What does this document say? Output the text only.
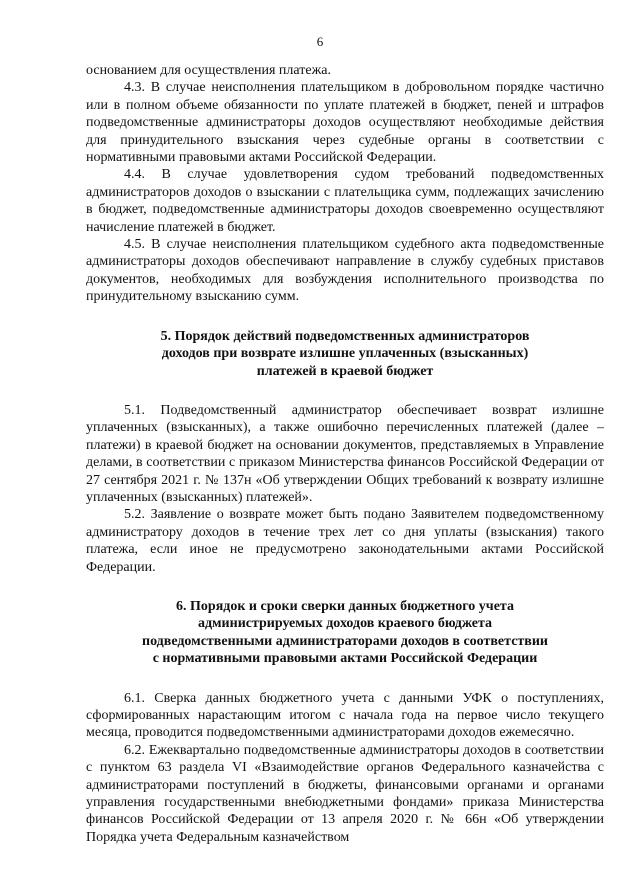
6

основанием для осуществления платежа.

4.3. В случае неисполнения плательщиком в добровольном порядке частично или в полном объеме обязанности по уплате платежей в бюджет, пеней и штрафов подведомственные администраторы доходов осуществляют необходимые действия для принудительного взыскания через судебные органы в соответствии с нормативными правовыми актами Российской Федерации.

4.4. В случае удовлетворения судом требований подведомственных администраторов доходов о взыскании с плательщика сумм, подлежащих зачислению в бюджет, подведомственные администраторы доходов своевременно осуществляют начисление платежей в бюджет.

4.5. В случае неисполнения плательщиком судебного акта подведомственные администраторы доходов обеспечивают направление в службу судебных приставов документов, необходимых для возбуждения исполнительного производства по принудительному взысканию сумм.

5. Порядок действий подведомственных администраторов
доходов при возврате излишне уплаченных (взысканных)
платежей в краевой бюджет

5.1. Подведомственный администратор обеспечивает возврат излишне уплаченных (взысканных), а также ошибочно перечисленных платежей (далее – платежи) в краевой бюджет на основании документов, представляемых в Управление делами, в соответствии с приказом Министерства финансов Российской Федерации от 27 сентября 2021 г. № 137н «Об утверждении Общих требований к возврату излишне уплаченных (взысканных) платежей».

5.2. Заявление о возврате может быть подано Заявителем подведомственному администратору доходов в течение трех лет со дня уплаты (взыскания) такого платежа, если иное не предусмотрено законодательными актами Российской Федерации.

6. Порядок и сроки сверки данных бюджетного учета
администрируемых доходов краевого бюджета
подведомственными администраторами доходов в соответствии
с нормативными правовыми актами Российской Федерации

6.1. Сверка данных бюджетного учета с данными УФК о поступлениях, сформированных нарастающим итогом с начала года на первое число текущего месяца, проводится подведомственными администраторами доходов ежемесячно.

6.2. Ежеквартально подведомственные администраторы доходов в соответствии с пунктом 63 раздела VI «Взаимодействие органов Федерального казначейства с администраторами поступлений в бюджеты, финансовыми органами и органами управления государственными внебюджетными фондами» приказа Министерства финансов Российской Федерации от 13 апреля 2020 г. № 66н «Об утверждении Порядка учета Федеральным казначейством
